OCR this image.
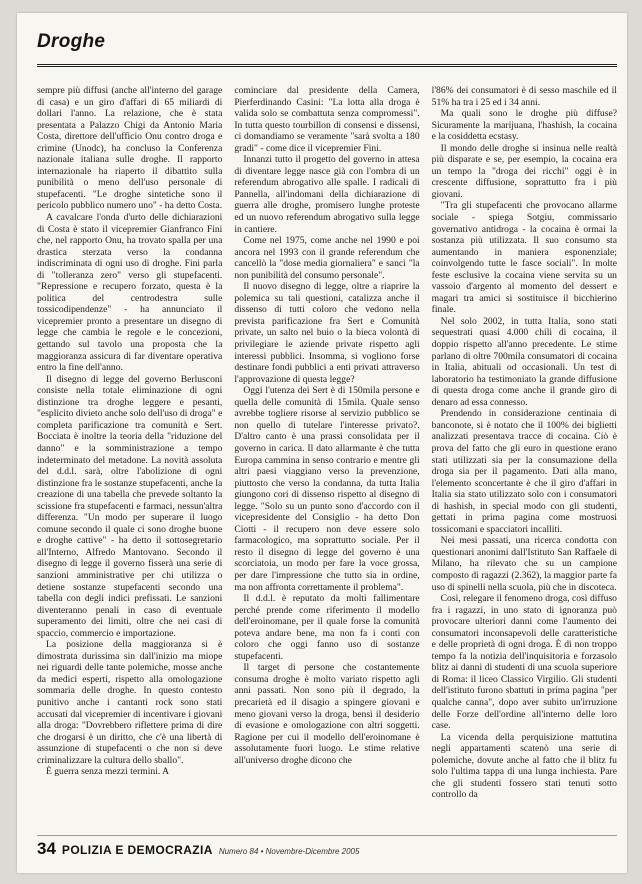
Droghe

sempre più diffusi (anche all'interno del garage di casa) e un giro d'affari di 65 miliardi di dollari l'anno. La relazione, che è stata presentata a Palazzo Chigi da Antonio Maria Costa, direttore dell'ufficio Onu contro droga e crimine (Unodc), ha concluso la Conferenza nazionale italiana sulle droghe. Il rapporto internazionale ha riaperto il dibattito sulla punibilità o meno dell'uso personale di stupefacenti. "Le droghe sintetiche sono il pericolo pubblico numero uno" - ha detto Costa.

A cavalcare l'onda d'urto delle dichiarazioni di Costa è stato il vicepremier Gianfranco Fini che, nel rapporto Onu, ha trovato spalla per una drastica sterzata verso la condanna indiscriminata di ogni uso di droghe. Fini parla di "tolleranza zero" verso gli stupefacenti. "Repressione e recupero forzato, questa è la politica del centrodestra sulle tossicodipendenze" - ha annunciato il vicepremier pronto a presentare un disegno di legge che cambia le regole e le concezioni, gettando sul tavolo una proposta che la maggioranza assicura di far diventare operativa entro la fine dell'anno.

Il disegno di legge del governo Berlusconi consiste nella totale eliminazione di ogni distinzione tra droghe leggere e pesanti, "esplicito divieto anche solo dell'uso di droga" e completa parificazione tra comunità e Sert. Bocciata è inoltre la teoria della "riduzione del danno" e la somministrazione a tempo indeterminato del metadone. La novità assoluta del d.d.l. sarà, oltre l'abolizione di ogni distinzione fra le sostanze stupefacenti, anche la creazione di una tabella che prevede soltanto la scissione fra stupefacenti e farmaci, nessun'altra differenza. "Un modo per superare il luogo comune secondo il quale ci sono droghe buone e droghe cattive" - ha detto il sottosegretario all'Interno, Alfredo Mantovano. Secondo il disegno di legge il governo fisserà una serie di sanzioni amministrative per chi utilizza o detiene sostanze stupefacenti secondo una tabella con degli indici prefissati. Le sanzioni diventeranno penali in caso di eventuale superamento dei limiti, oltre che nei casi di spaccio, commercio e importazione.

La posizione della maggioranza si è dimostrata durissima sin dall'inizio ma miope nei riguardi delle tante polemiche, mosse anche da medici esperti, rispetto alla omologazione sommaria delle droghe. In questo contesto punitivo anche i cantanti rock sono stati accusati dal vicepremier di incentivare i giovani alla droga: "Dovrebbero riflettere prima di dire che drogarsi è un diritto, che c'è una libertà di assunzione di stupefacenti o che non si deve criminalizzare la cultura dello sballo".

È guerra senza mezzi termini. A

cominciare dal presidente della Camera, Pierferdinando Casini: "La lotta alla droga è valida solo se combattuta senza compromessi". In tutta questo tourbillon di consensi e dissensi, ci domandiamo se veramente "sarà svolta a 180 gradi" - come dice il vicepremier Fini.

Innanzi tutto il progetto del governo in attesa di diventare legge nasce già con l'ombra di un referendum abrogativo alle spalle. I radicali di Pannella, all'indomani della dichiarazione di guerra alle droghe, promisero lunghe proteste ed un nuovo referendum abrogativo sulla legge in cantiere.

Come nel 1975, come anche nel 1990 e poi ancora nel 1993 con il grande referendum che cancellò la "dose media giornaliera" e sancì "la non punibilità del consumo personale".

Il nuovo disegno di legge, oltre a riaprire la polemica su tali questioni, catalizza anche il dissenso di tutti coloro che vedono nella prevista parificazione fra Sert e Comunità private, un salto nel buio o la bieca volontà di privilegiare le aziende private rispetto agli interessi pubblici. Insomma, si vogliono forse destinare fondi pubblici a enti privati attraverso l'approvazione di questa legge?

Oggi l'utenza dei Sert è di 150mila persone e quella delle comunità di 15mila. Quale senso avrebbe togliere risorse al servizio pubblico se non quello di tutelare l'interesse privato?. D'altro canto è una prassi consolidata per il governo in carica. Il dato allarmante è che tutta Europa cammina in senso contrario e mentre gli altri paesi viaggiano verso la prevenzione, piuttosto che verso la condanna, da tutta Italia giungono cori di dissenso rispetto al disegno di legge. "Solo su un punto sono d'accordo con il vicepresidente del Consiglio - ha detto Don Ciotti - il recupero non deve essere solo farmacologico, ma soprattutto sociale. Per il resto il disegno di legge del governo è una scorciatoia, un modo per fare la voce grossa, per dare l'impressione che tutto sia in ordine, ma non affronta correttamente il problema".

Il d.d.l. è reputato da molti fallimentare perché prende come riferimento il modello dell'eroinomane, per il quale forse la comunità poteva andare bene, ma non fa i conti con coloro che oggi fanno uso di sostanze stupefacenti.

Il target di persone che costantemente consuma droghe è molto variato rispetto agli anni passati. Non sono più il degrado, la precarietà ed il disagio a spingere giovani e meno giovani verso la droga, bensì il desiderio di evasione e omologazione con altri soggetti. Ragione per cui il modello dell'eroinomane è assolutamente fuori luogo. Le stime relative all'universo droghe dicono che

l'86% dei consumatori è di sesso maschile ed il 51% ha tra i 25 ed i 34 anni.

Ma quali sono le droghe più diffuse? Sicuramente la marijuana, l'hashish, la cocaina e la cosiddetta ecstasy.

Il mondo delle droghe si insinua nelle realtà più disparate e se, per esempio, la cocaina era un tempo la "droga dei ricchi" oggi è in crescente diffusione, soprattutto fra i più giovani.

"Tra gli stupefacenti che provocano allarme sociale - spiega Sotgiu, commissario governativo antidroga - la cocaina è ormai la sostanza più utilizzata. Il suo consumo sta aumentando in maniera esponenziale; coinvolgendo tutte le fasce sociali". In molte feste esclusive la cocaina viene servita su un vassoio d'argento al momento del dessert e magari tra amici si sostituisce il bicchierino finale.

Nel solo 2002, in tutta Italia, sono stati sequestrati quasi 4.000 chili di cocaina, il doppio rispetto all'anno precedente. Le stime parlano di oltre 700mila consumatori di cocaina in Italia, abituali od occasionali. Un test di laboratorio ha testimoniato la grande diffusione di questa droga come anche il grande giro di denaro ad essa connesso.

Prendendo in considerazione centinaia di banconote, si è notato che il 100% dei biglietti analizzati presentava tracce di cocaina. Ciò è prova del fatto che gli euro in questione erano stati utilizzati sia per la consumazione della droga sia per il pagamento. Dati alla mano, l'elemento sconcertante è che il giro d'affari in Italia sia stato utilizzato solo con i consumatori di hashish, in special modo con gli studenti, gettati in prima pagina come mostruosi tossicomani e spacciatori incalliti.

Nei mesi passati, una ricerca condotta con questionari anonimi dall'Istituto San Raffaele di Milano, ha rilevato che su un campione composto di ragazzi (2.362), la maggior parte fa uso di spinelli nella scuola, più che in discoteca.

Così, relegare il fenomeno droga, così diffuso fra i ragazzi, in uno stato di ignoranza può provocare ulteriori danni come l'aumento dei consumatori inconsapevoli delle caratteristiche e delle proprietà di ogni droga. È di non troppo tempo fa la notizia dell'inquisitoria e forzasolo blitz ai danni di studenti di una scuola superiore di Roma: il liceo Classico Virgilio. Gli studenti dell'istituto furono sbattuti in prima pagina "per qualche canna", dopo aver subito un'irruzione delle Forze dell'ordine all'interno delle loro case.

La vicenda della perquisizione mattutina negli appartamenti scatenò una serie di polemiche, dovute anche al fatto che il blitz fu solo l'ultima tappa di una lunga inchiesta. Pare che gli studenti fossero stati tenuti sotto controllo da

34 POLIZIA E DEMOCRAZIA Numero 84 • Novembre-Dicembre 2005
